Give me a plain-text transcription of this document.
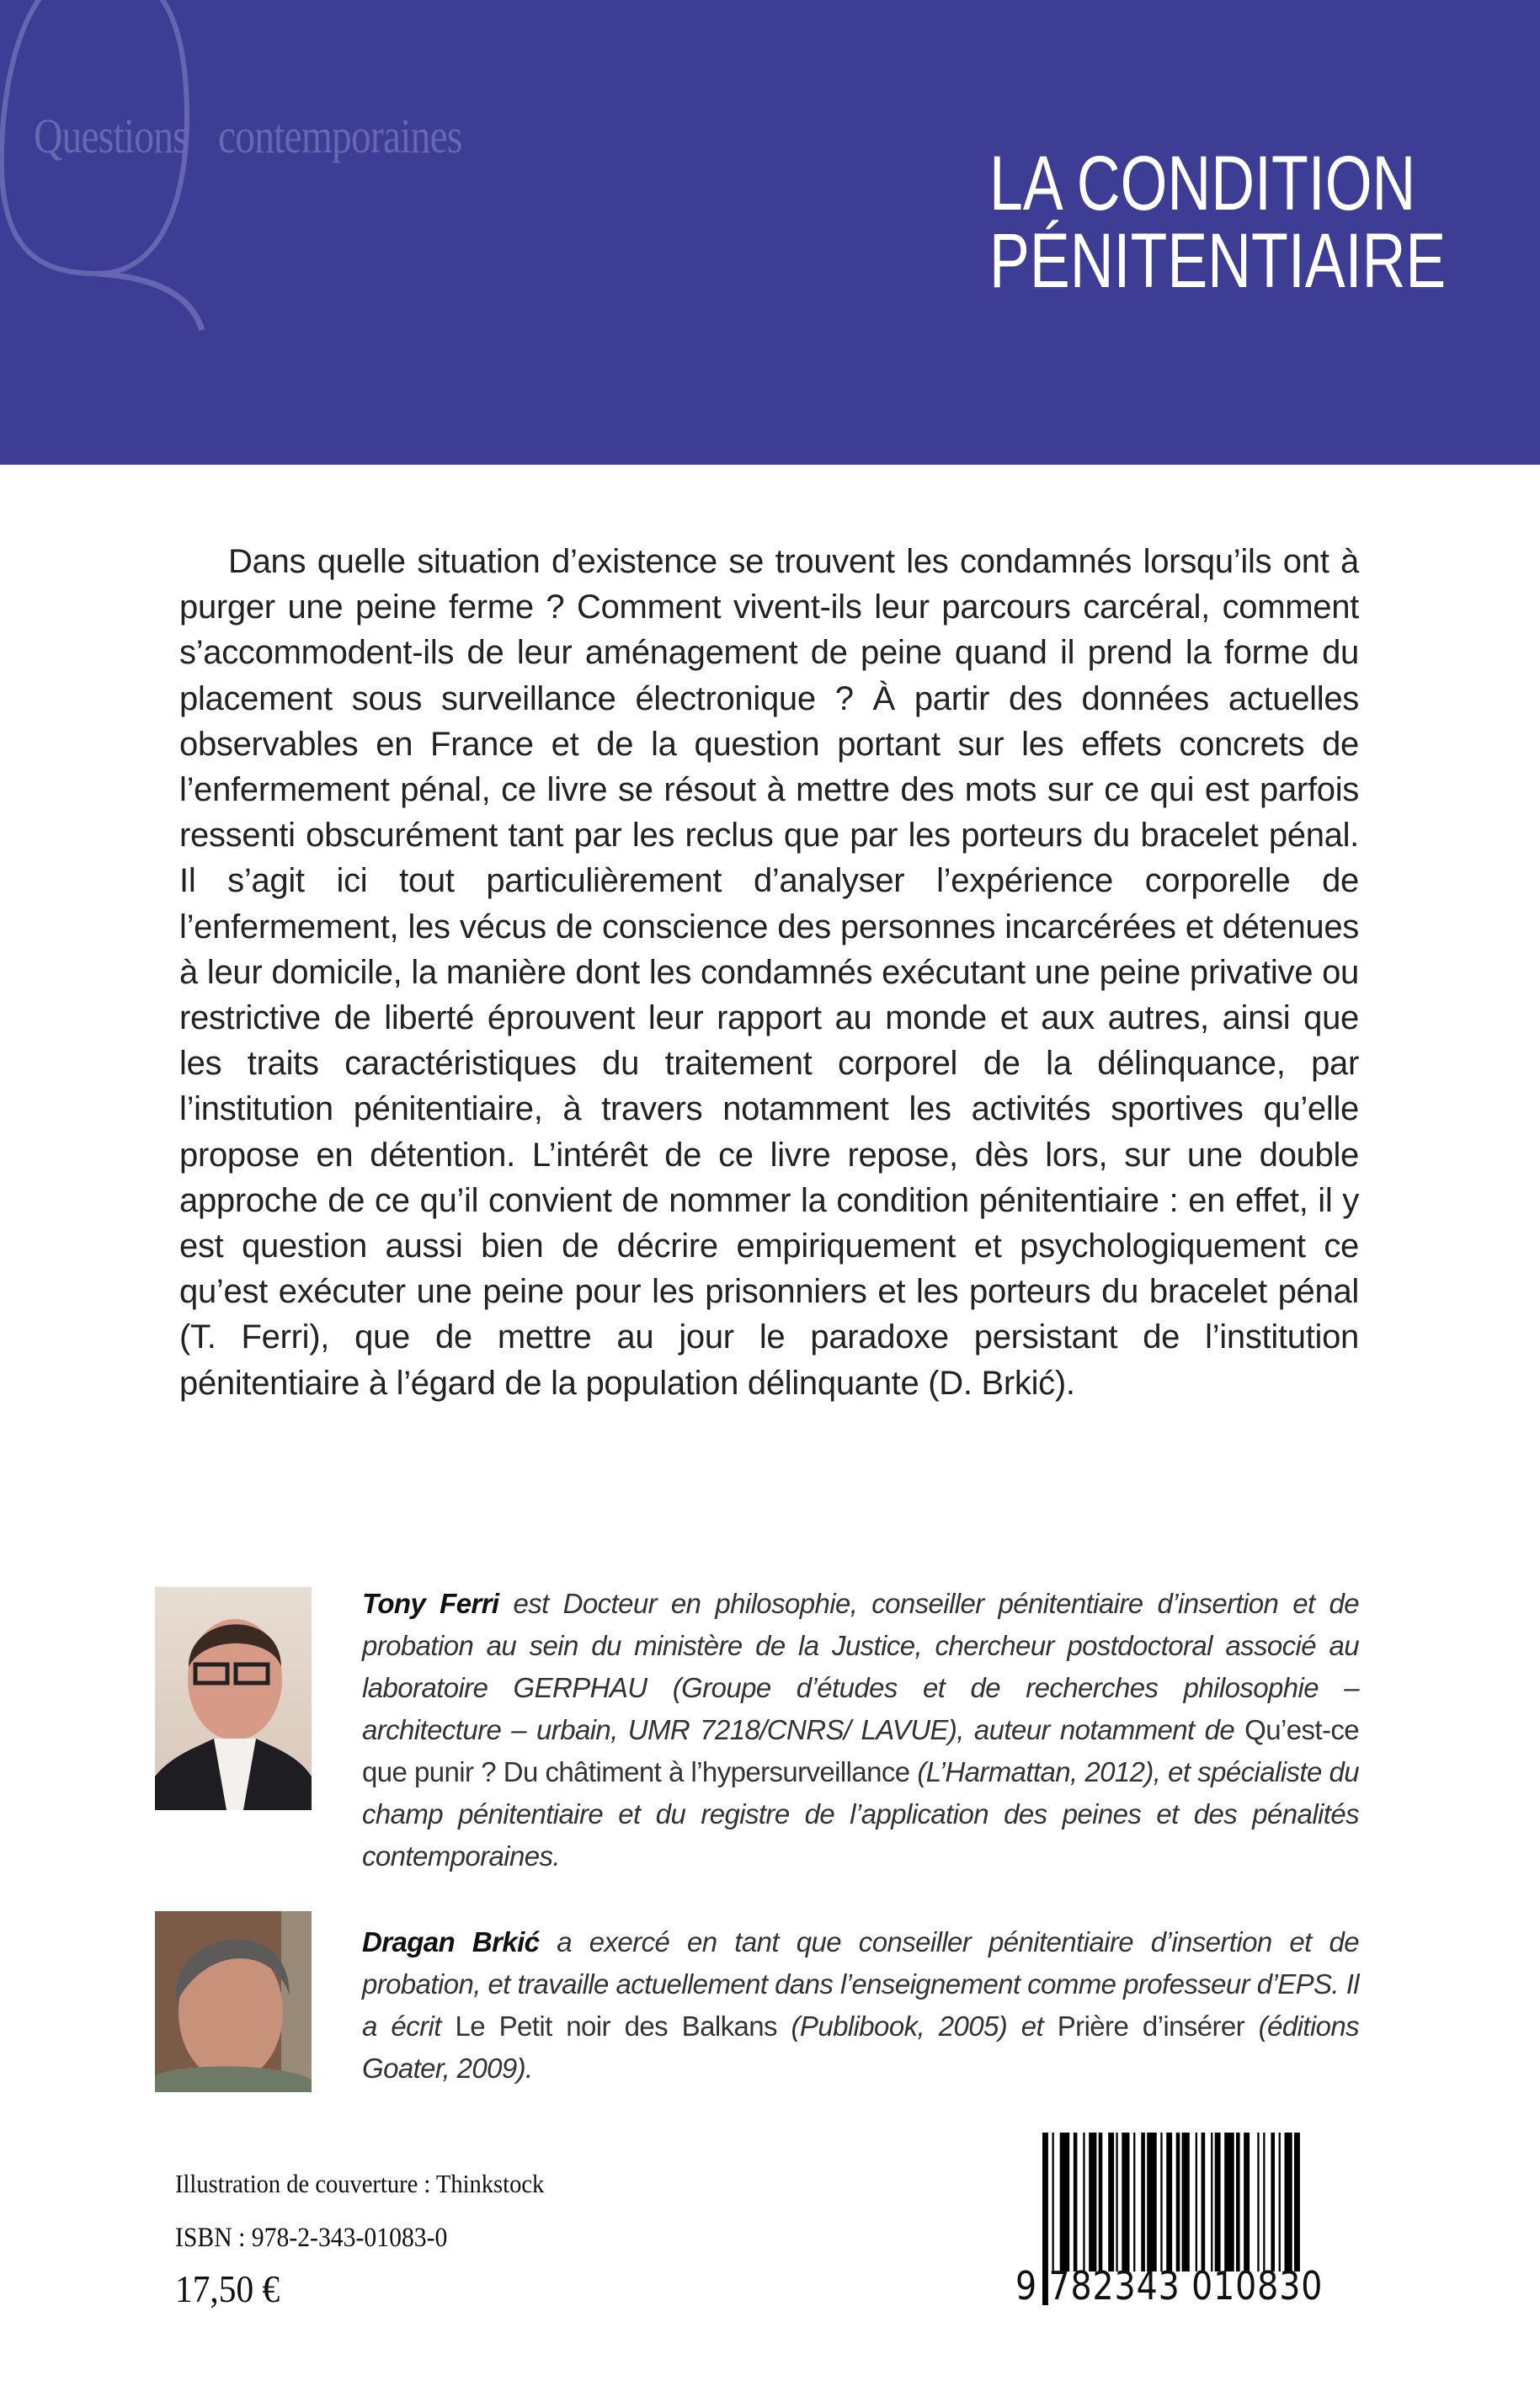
Questions contemporaines
LA CONDITION
PÉNITENTIAIRE

Dans quelle situation d’existence se trouvent les condamnés lorsqu’ils ont à purger une peine ferme ? Comment vivent-ils leur parcours carcéral, comment s’accommodent-ils de leur aménagement de peine quand il prend la forme du placement sous surveillance électronique ? À partir des données actuelles observables en France et de la question portant sur les effets concrets de l’enfermement pénal, ce livre se résout à mettre des mots sur ce qui est parfois ressenti obscurément tant par les reclus que par les porteurs du bracelet pénal. Il s’agit ici tout particulièrement d’analyser l’expérience corporelle de l’enfermement, les vécus de conscience des personnes incarcérées et détenues à leur domicile, la manière dont les condamnés exécutant une peine privative ou restrictive de liberté éprouvent leur rapport au monde et aux autres, ainsi que les traits caractéristiques du traitement corporel de la délinquance, par l’institution pénitentiaire, à travers notamment les activités sportives qu’elle propose en détention. L’intérêt de ce livre repose, dès lors, sur une double approche de ce qu’il convient de nommer la condition pénitentiaire : en effet, il y est question aussi bien de décrire empiriquement et psychologiquement ce qu’est exécuter une peine pour les prisonniers et les porteurs du bracelet pénal (T. Ferri), que de mettre au jour le paradoxe persistant de l’institution pénitentiaire à l’égard de la population délinquante (D. Brkić).

Tony Ferri est Docteur en philosophie, conseiller pénitentiaire d’insertion et de probation au sein du ministère de la Justice, chercheur postdoctoral associé au laboratoire GERPHAU (Groupe d’études et de recherches philosophie – architecture – urbain, UMR 7218/CNRS/ LAVUE), auteur notamment de Qu’est-ce que punir ? Du châtiment à l’hypersurveillance (L’Harmattan, 2012), et spécialiste du champ pénitentiaire et du registre de l’application des peines et des pénalités contemporaines.

Dragan Brkić a exercé en tant que conseiller pénitentiaire d’insertion et de probation, et travaille actuellement dans l’enseignement comme professeur d’EPS. Il a écrit Le Petit noir des Balkans (Publibook, 2005) et Prière d’insérer (éditions Goater, 2009).

Illustration de couverture : Thinkstock
ISBN : 978-2-343-01083-0
17,50 €	9 782343 010830
